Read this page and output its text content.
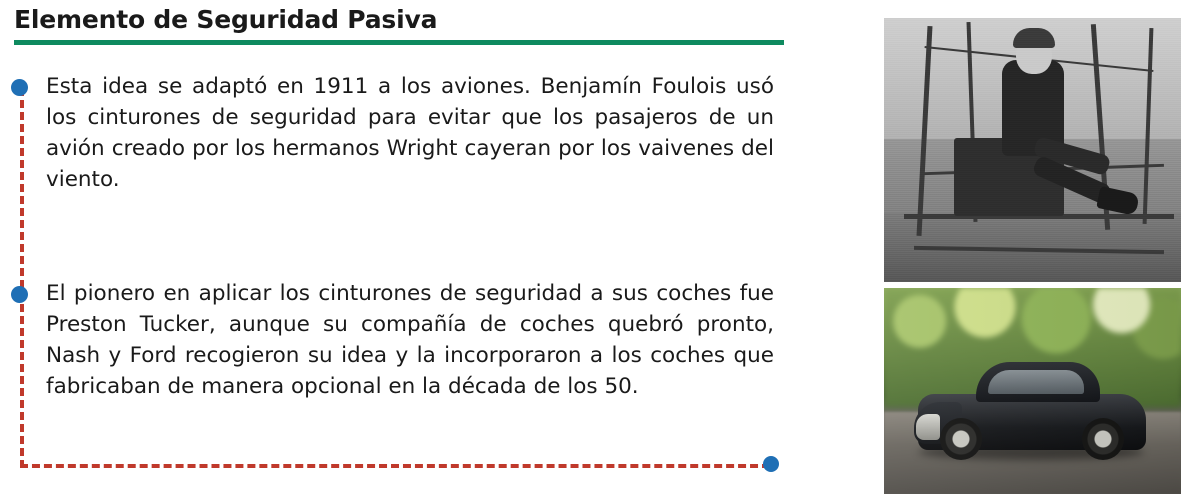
Elemento de Seguridad Pasiva
Esta idea se adaptó en 1911 a los aviones. Benjamín Foulois usó los cinturones de seguridad para evitar que los pasajeros de un avión creado por los hermanos Wright cayeran por los vaivenes del viento.
El pionero en aplicar los cinturones de seguridad a sus coches fue Preston Tucker, aunque su compañía de coches quebró pronto, Nash y Ford recogieron su idea y la incorporaron a los coches que fabricaban de manera opcional en la década de los 50.
